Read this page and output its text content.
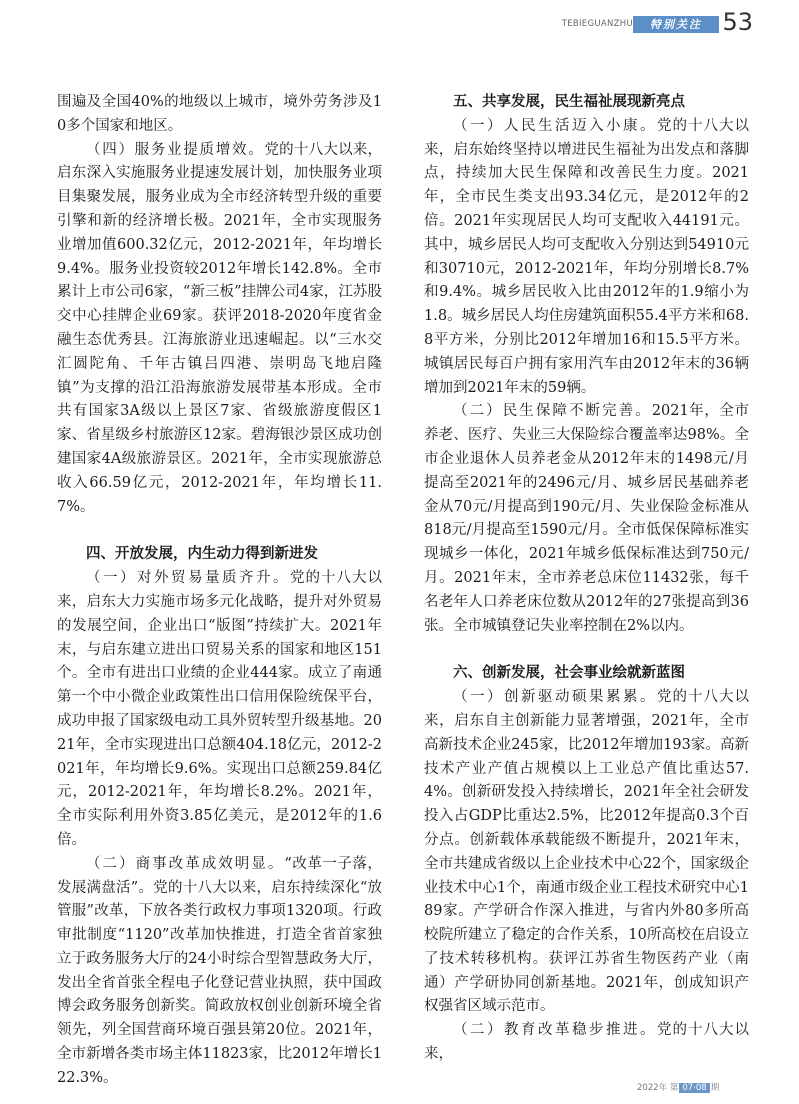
TEBIEGUANZHU	特别关注 53

围遍及全国40%的地级以上城市，境外劳务涉及10多个国家和地区。

（四）服务业提质增效。党的十八大以来，启东深入实施服务业提速发展计划，加快服务业项目集聚发展，服务业成为全市经济转型升级的重要引擎和新的经济增长极。2021年，全市实现服务业增加值600.32亿元，2012-2021年，年均增长9.4%。服务业投资较2012年增长142.8%。全市累计上市公司6家，“新三板”挂牌公司4家，江苏股交中心挂牌企业69家。获评2018-2020年度省金融生态优秀县。江海旅游业迅速崛起。以“三水交汇圆陀角、千年古镇吕四港、崇明岛飞地启隆镇”为支撑的沿江沿海旅游发展带基本形成。全市共有国家3A级以上景区7家、省级旅游度假区1家、省星级乡村旅游区12家。碧海银沙景区成功创建国家4A级旅游景区。2021年，全市实现旅游总收入66.59亿元，2012-2021年，年均增长11.7%。

四、开放发展，内生动力得到新进发

（一）对外贸易量质齐升。党的十八大以来，启东大力实施市场多元化战略，提升对外贸易的发展空间，企业出口“版图”持续扩大。2021年末，与启东建立进出口贸易关系的国家和地区151个。全市有进出口业绩的企业444家。成立了南通第一个中小微企业政策性出口信用保险统保平台，成功申报了国家级电动工具外贸转型升级基地。2021年，全市实现进出口总额404.18亿元，2012-2021年，年均增长9.6%。实现出口总额259.84亿元，2012-2021年，年均增长8.2%。2021年，全市实际利用外资3.85亿美元，是2012年的1.6倍。

（二）商事改革成效明显。“改革一子落，发展满盘活”。党的十八大以来，启东持续深化“放管服”改革，下放各类行政权力事项1320项。行政审批制度“1120”改革加快推进，打造全省首家独立于政务服务大厅的24小时综合型智慧政务大厅，发出全省首张全程电子化登记营业执照，获中国政博会政务服务创新奖。简政放权创业创新环境全省领先，列全国营商环境百强县第20位。2021年，全市新增各类市场主体11823家，比2012年增长122.3%。

五、共享发展，民生福祉展现新亮点

（一）人民生活迈入小康。党的十八大以来，启东始终坚持以增进民生福祉为出发点和落脚点，持续加大民生保障和改善民生力度。2021年，全市民生类支出93.34亿元，是2012年的2倍。2021年实现居民人均可支配收入44191元。其中，城乡居民人均可支配收入分别达到54910元和30710元，2012-2021年，年均分别增长8.7%和9.4%。城乡居民收入比由2012年的1.9缩小为1.8。城乡居民人均住房建筑面积55.4平方米和68.8平方米，分别比2012年增加16和15.5平方米。城镇居民每百户拥有家用汽车由2012年末的36辆增加到2021年末的59辆。

（二）民生保障不断完善。2021年，全市养老、医疗、失业三大保险综合覆盖率达98%。全市企业退休人员养老金从2012年末的1498元/月提高至2021年的2496元/月、城乡居民基础养老金从70元/月提高到190元/月、失业保险金标准从818元/月提高至1590元/月。全市低保保障标准实现城乡一体化，2021年城乡低保标准达到750元/月。2021年末，全市养老总床位11432张，每千名老年人口养老床位数从2012年的27张提高到36张。全市城镇登记失业率控制在2%以内。

六、创新发展，社会事业绘就新蓝图

（一）创新驱动硕果累累。党的十八大以来，启东自主创新能力显著增强，2021年，全市高新技术企业245家，比2012年增加193家。高新技术产业产值占规模以上工业总产值比重达57.4%。创新研发投入持续增长，2021年全社会研发投入占GDP比重达2.5%，比2012年提高0.3个百分点。创新载体承载能级不断提升，2021年末，全市共建成省级以上企业技术中心22个，国家级企业技术中心1个，南通市级企业工程技术研究中心189家。产学研合作深入推进，与省内外80多所高校院所建立了稳定的合作关系，10所高校在启设立了技术转移机构。获评江苏省生物医药产业（南通）产学研协同创新基地。2021年，创成知识产权强省区域示范市。

（二）教育改革稳步推进。党的十八大以来，

2022年 第 07·08 期
